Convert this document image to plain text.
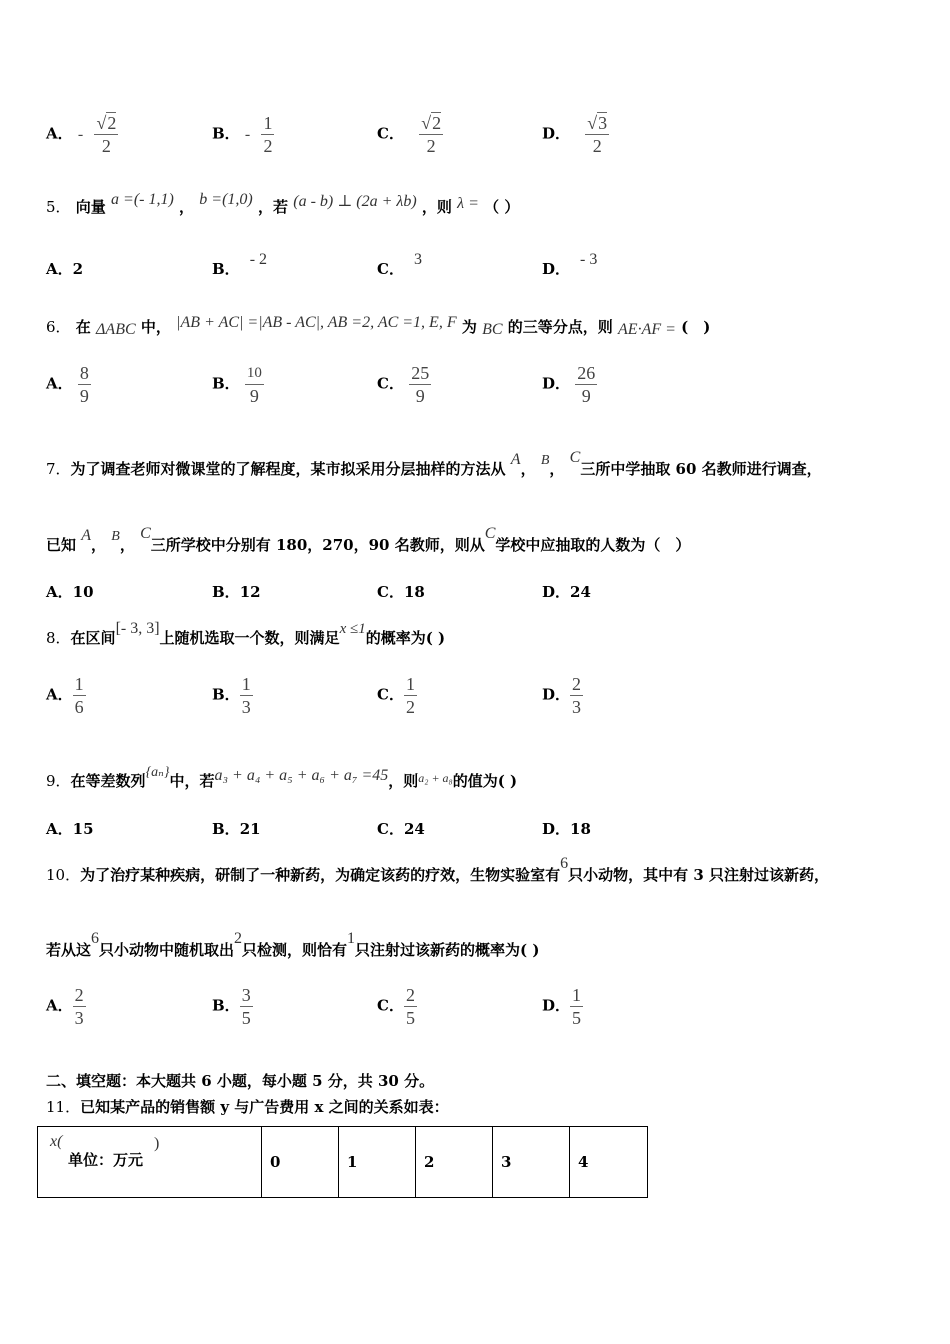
A． - $\frac{√2}{2}$	B． - $\frac{1}{2}$	C． $\frac{√2}{2}$	D． $\frac{√3}{2}$
5． 向量 a =(- 1,1) ， b =(1,0) ，若 (a - b) ⊥ (2a + λb) ，则 λ = （ ）
A．2	B．- 2
C．3
D．- 3
6． 在 ΔABC 中， |AB + AC| =|AB - AC|, AB =2, AC =1, E, F 为 BC 的三等分点，则 AE·AF = (　)
A． $\frac{8}{9}$	B． $\frac{10}{9}$	C． $\frac{25}{9}$	D． $\frac{26}{9}$
7．为了调查老师对微课堂的了解程度，某市拟采用分层抽样的方法从 A， B， C三所中学抽取 60 名教师进行调查，
已知 A， B， C三所学校中分别有 180，270，90 名教师，则从C学校中应抽取的人数为（　）
A．10	B．12	C．18	D．24
8．在区间[- 3, 3]上随机选取一个数，则满足x ≤1的概率为( )
A． $\frac{1}{6}$	B． $\frac{1}{3}$	C． $\frac{1}{2}$	D． $\frac{2}{3}$
9．在等差数列{aₙ}中，若a₃ + a₄ + a₅ + a₆ + a₇ =45，则$^{a_2 + a_8}$的值为( )
A．15	B．21	C．24	D．18
10．为了治疗某种疾病，研制了一种新药，为确定该药的疗效，生物实验室有6只小动物，其中有 3 只注射过该新药，
若从这6只小动物中随机取出2只检测，则恰有1只注射过该新药的概率为( )
A． $\frac{2}{3}$	B． $\frac{3}{5}$	C． $\frac{2}{5}$	D． $\frac{1}{5}$
二、填空题：本大题共 6 小题，每小题 5 分，共 30 分。
11．已知某产品的销售额 y 与广告费用 x 之间的关系如表：
x(
单位：万元
)
	0	1	2	3	4
